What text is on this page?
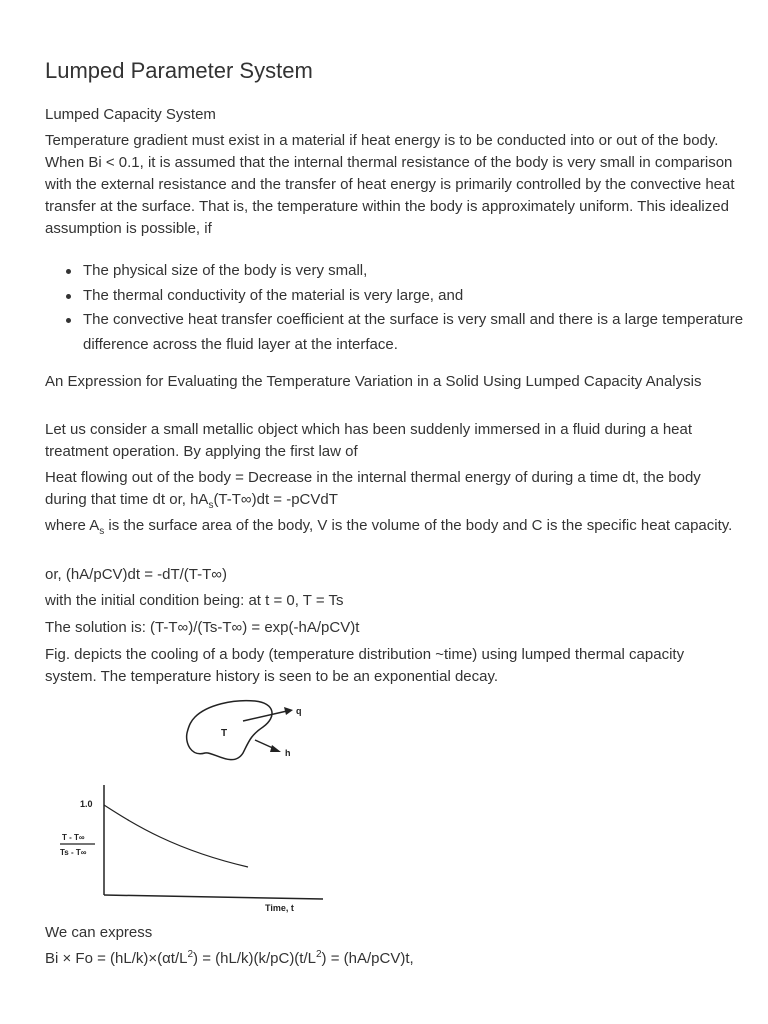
Lumped Parameter System

Lumped Capacity System

Temperature gradient must exist in a material if heat energy is to be conducted into or out of the body. When Bi < 0.1, it is assumed that the internal thermal resistance of the body is very small in comparison with the external resistance and the transfer of heat energy is primarily controlled by the convective heat transfer at the surface. That is, the temperature within the body is approximately uniform. This idealized assumption is possible, if

The physical size of the body is very small,
The thermal conductivity of the material is very large, and
The convective heat transfer coefficient at the surface is very small and there is a large temperature difference across the fluid layer at the interface.

An Expression for Evaluating the Temperature Variation in a Solid Using Lumped Capacity Analysis

Let us consider a small metallic object which has been suddenly immersed in a fluid during a heat treatment operation. By applying the first law of

Heat flowing out of the body = Decrease in the internal thermal energy of during a time dt, the body during that time dt or, $hA_s(T-T\infty)dt$ = -pCVdT

where $A_s$ is the surface area of the body, V is the volume of the body and C is the specific heat capacity.

or, (hA/pCV)dt = -dT/(T-T∞)

with the initial condition being: at t = 0, T = Ts

The solution is: (T-T∞)/(Ts-T∞) = exp(-hA/pCV)t

Fig. depicts the cooling of a body (temperature distribution ~time) using lumped thermal capacity system. The temperature history is seen to be an exponential decay.

T
q
h
1.0
T - T∞
Ts - T∞
Time, t

We can express

$Bi \times Fo = (hL/k)\times(\alpha t/L^2) = (hL/k)(k/pC)(t/L^2) = (hA/pCV)t$,
